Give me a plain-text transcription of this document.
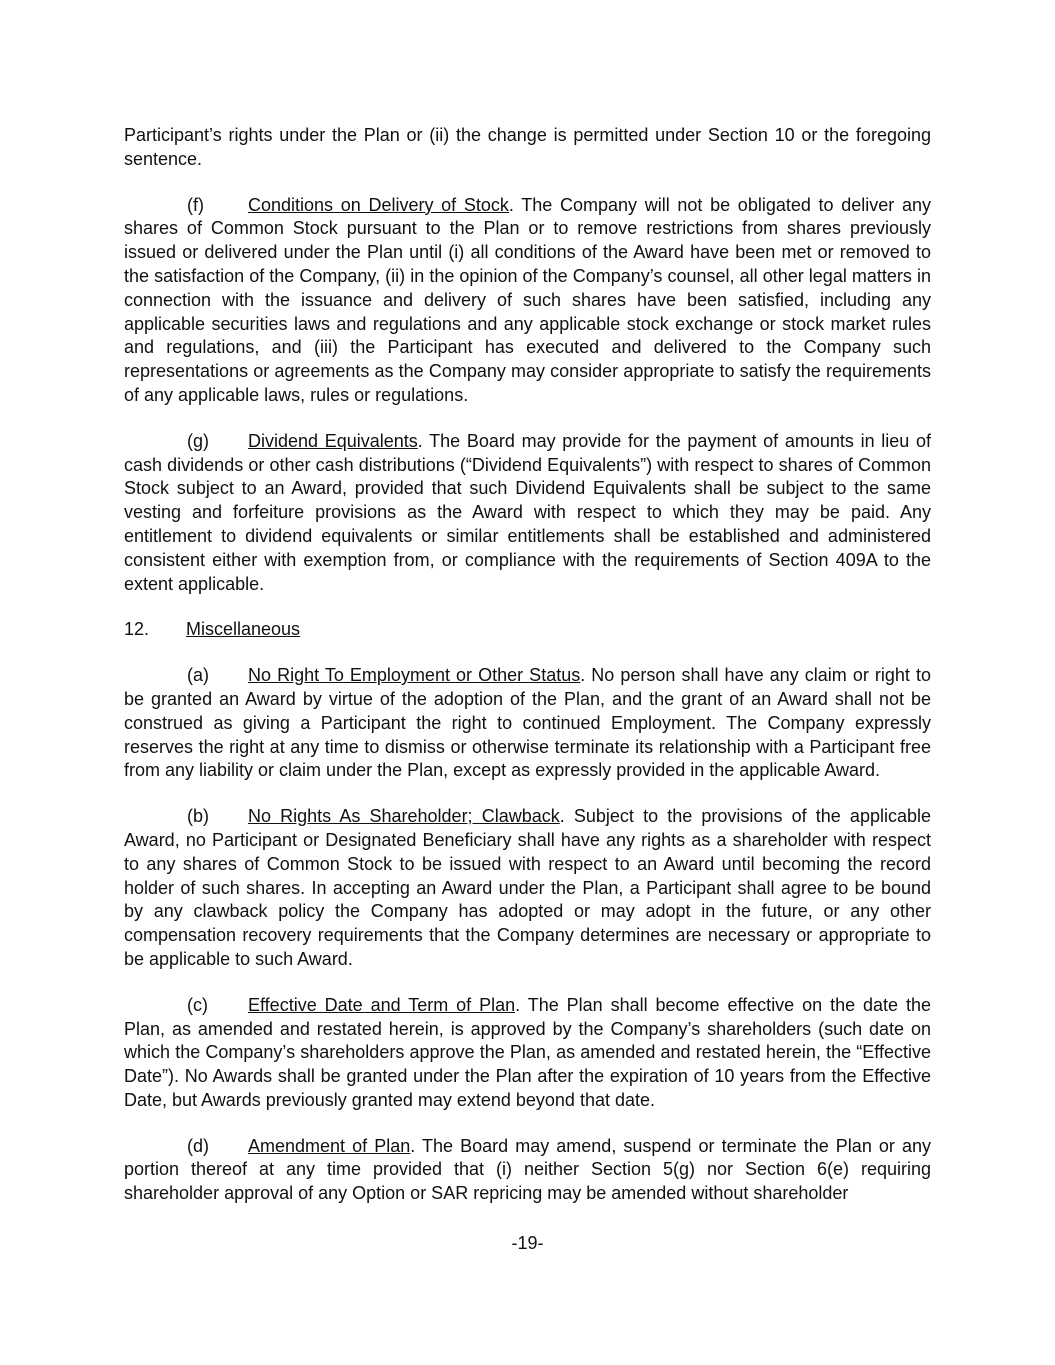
Participant’s rights under the Plan or (ii) the change is permitted under Section 10 or the foregoing sentence.

(f) Conditions on Delivery of Stock. The Company will not be obligated to deliver any shares of Common Stock pursuant to the Plan or to remove restrictions from shares previously issued or delivered under the Plan until (i) all conditions of the Award have been met or removed to the satisfaction of the Company, (ii) in the opinion of the Company’s counsel, all other legal matters in connection with the issuance and delivery of such shares have been satisfied, including any applicable securities laws and regulations and any applicable stock exchange or stock market rules and regulations, and (iii) the Participant has executed and delivered to the Company such representations or agreements as the Company may consider appropriate to satisfy the requirements of any applicable laws, rules or regulations.

(g) Dividend Equivalents. The Board may provide for the payment of amounts in lieu of cash dividends or other cash distributions (“Dividend Equivalents”) with respect to shares of Common Stock subject to an Award, provided that such Dividend Equivalents shall be subject to the same vesting and forfeiture provisions as the Award with respect to which they may be paid. Any entitlement to dividend equivalents or similar entitlements shall be established and administered consistent either with exemption from, or compliance with the requirements of Section 409A to the extent applicable.

12. Miscellaneous

(a) No Right To Employment or Other Status. No person shall have any claim or right to be granted an Award by virtue of the adoption of the Plan, and the grant of an Award shall not be construed as giving a Participant the right to continued Employment. The Company expressly reserves the right at any time to dismiss or otherwise terminate its relationship with a Participant free from any liability or claim under the Plan, except as expressly provided in the applicable Award.

(b) No Rights As Shareholder; Clawback. Subject to the provisions of the applicable Award, no Participant or Designated Beneficiary shall have any rights as a shareholder with respect to any shares of Common Stock to be issued with respect to an Award until becoming the record holder of such shares. In accepting an Award under the Plan, a Participant shall agree to be bound by any clawback policy the Company has adopted or may adopt in the future, or any other compensation recovery requirements that the Company determines are necessary or appropriate to be applicable to such Award.

(c) Effective Date and Term of Plan. The Plan shall become effective on the date the Plan, as amended and restated herein, is approved by the Company’s shareholders (such date on which the Company’s shareholders approve the Plan, as amended and restated herein, the “Effective Date”). No Awards shall be granted under the Plan after the expiration of 10 years from the Effective Date, but Awards previously granted may extend beyond that date.

(d) Amendment of Plan. The Board may amend, suspend or terminate the Plan or any portion thereof at any time provided that (i) neither Section 5(g) nor Section 6(e) requiring shareholder approval of any Option or SAR repricing may be amended without shareholder

-19-
